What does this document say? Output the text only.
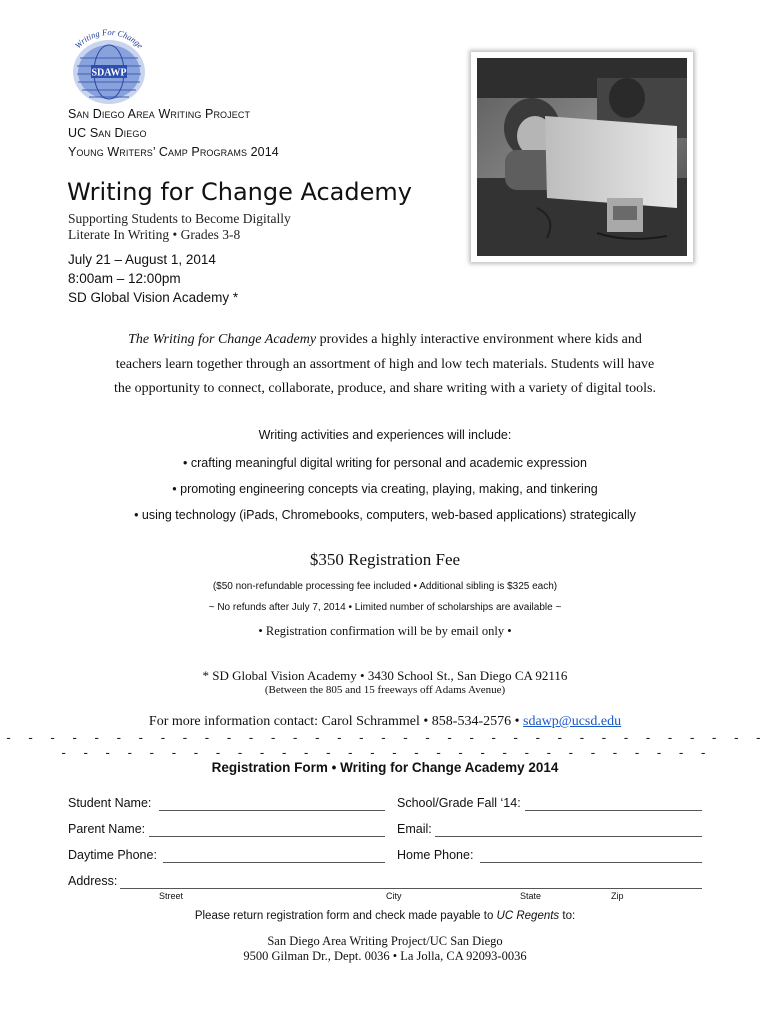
SDAWP
Writing For Change
San Diego Area Writing Project
UC San Diego
Young Writers’ Camp Programs 2014
Writing for Change Academy
Supporting Students to Become Digitally
Literate In Writing • Grades 3-8
July 21 – August 1, 2014
8:00am – 12:00pm
SD Global Vision Academy *
The Writing for Change Academy provides a highly interactive environment where kids and
teachers learn together through an assortment of high and low tech materials. Students will have
the opportunity to connect, collaborate, produce, and share writing with a variety of digital tools.
Writing activities and experiences will include:
• crafting meaningful digital writing for personal and academic expression
• promoting engineering concepts via creating, playing, making, and tinkering
• using technology (iPads, Chromebooks, computers, web-based applications) strategically
$350 Registration Fee
($50 non-refundable processing fee included • Additional sibling is $325 each)
~ No refunds after July 7, 2014 • Limited number of scholarships are available ~
• Registration confirmation will be by email only •
* SD Global Vision Academy • 3430 School St., San Diego CA 92116
(Between the 805 and 15 freeways off Adams Avenue)
For more information contact: Carol Schrammel • 858-534-2576 • sdawp@ucsd.edu
- - - - - - - - - - - - - - - - - - - - - - - - - - - - - - - - - - - - - - - - - - - - - - - - - - - - - - - - - - - - - - - - -
Registration Form • Writing for Change Academy 2014
Student Name:	School/Grade Fall ‘14:
Parent Name:	Email:
Daytime Phone:	Home Phone:
Address:
Street	City	State	Zip
Please return registration form and check made payable to UC Regents to:
San Diego Area Writing Project/UC San Diego
9500 Gilman Dr., Dept. 0036 • La Jolla, CA 92093-0036
